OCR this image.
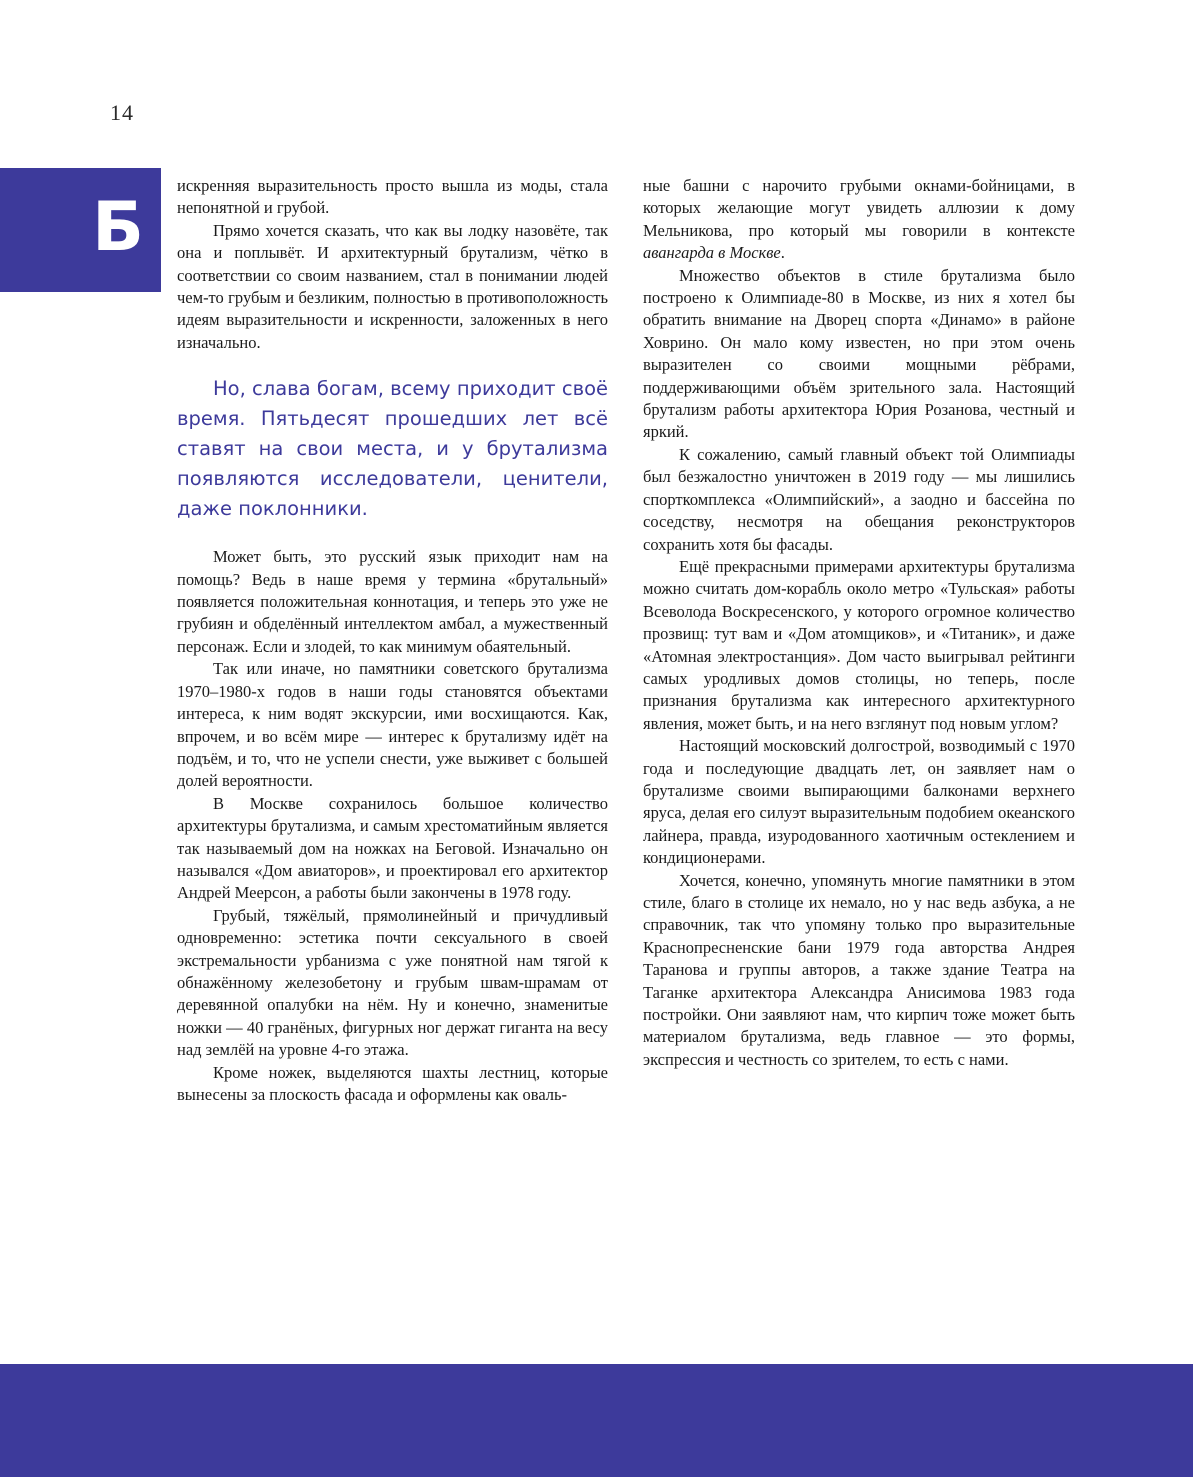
14
Б

искренняя выразительность просто вышла из моды, стала непонятной и грубой.

Прямо хочется сказать, что как вы лодку назовёте, так она и поплывёт. И архитектурный брутализм, чётко в соответствии со своим названием, стал в понимании людей чем-то грубым и безликим, полностью в противоположность идеям выразительности и искренности, заложенных в него изначально.

Но, слава богам, всему приходит своё время. Пятьдесят прошедших лет всё ставят на свои места, и у брутализма появляются исследователи, ценители, даже поклонники.

Может быть, это русский язык приходит нам на помощь? Ведь в наше время у термина «брутальный» появляется положительная коннотация, и теперь это уже не грубиян и обделённый интеллектом амбал, а мужественный персонаж. Если и злодей, то как минимум обаятельный.

Так или иначе, но памятники советского брутализма 1970–1980-х годов в наши годы становятся объектами интереса, к ним водят экскурсии, ими восхищаются. Как, впрочем, и во всём мире — интерес к брутализму идёт на подъём, и то, что не успели снести, уже выживет с большей долей вероятности.

В Москве сохранилось большое количество архитектуры брутализма, и самым хрестоматийным является так называемый дом на ножках на Беговой. Изначально он назывался «Дом авиаторов», и проектировал его архитектор Андрей Меерсон, а работы были закончены в 1978 году.

Грубый, тяжёлый, прямолинейный и причудливый одновременно: эстетика почти сексуального в своей экстремальности урбанизма с уже понятной нам тягой к обнажённому железобетону и грубым швам-шрамам от деревянной опалубки на нём. Ну и конечно, знаменитые ножки — 40 гранёных, фигурных ног держат гиганта на весу над землёй на уровне 4-го этажа.

Кроме ножек, выделяются шахты лестниц, которые вынесены за плоскость фасада и оформлены как оваль-

ные башни с нарочито грубыми окнами-бойницами, в которых желающие могут увидеть аллюзии к дому Мельникова, про который мы говорили в контексте авангарда в Москве.

Множество объектов в стиле брутализма было построено к Олимпиаде-80 в Москве, из них я хотел бы обратить внимание на Дворец спорта «Динамо» в районе Ховрино. Он мало кому известен, но при этом очень выразителен со своими мощными рёбрами, поддерживающими объём зрительного зала. Настоящий брутализм работы архитектора Юрия Розанова, честный и яркий.

К сожалению, самый главный объект той Олимпиады был безжалостно уничтожен в 2019 году — мы лишились спорткомплекса «Олимпийский», а заодно и бассейна по соседству, несмотря на обещания реконструкторов сохранить хотя бы фасады.

Ещё прекрасными примерами архитектуры брутализма можно считать дом-корабль около метро «Тульская» работы Всеволода Воскресенского, у которого огромное количество прозвищ: тут вам и «Дом атомщиков», и «Титаник», и даже «Атомная электростанция». Дом часто выигрывал рейтинги самых уродливых домов столицы, но теперь, после признания брутализма как интересного архитектурного явления, может быть, и на него взглянут под новым углом?

Настоящий московский долгострой, возводимый с 1970 года и последующие двадцать лет, он заявляет нам о брутализме своими выпирающими балконами верхнего яруса, делая его силуэт выразительным подобием океанского лайнера, правда, изуродованного хаотичным остеклением и кондиционерами.

Хочется, конечно, упомянуть многие памятники в этом стиле, благо в столице их немало, но у нас ведь азбука, а не справочник, так что упомяну только про выразительные Краснопресненские бани 1979 года авторства Андрея Таранова и группы авторов, а также здание Театра на Таганке архитектора Александра Анисимова 1983 года постройки. Они заявляют нам, что кирпич тоже может быть материалом брутализма, ведь главное — это формы, экспрессия и честность со зрителем, то есть с нами.
